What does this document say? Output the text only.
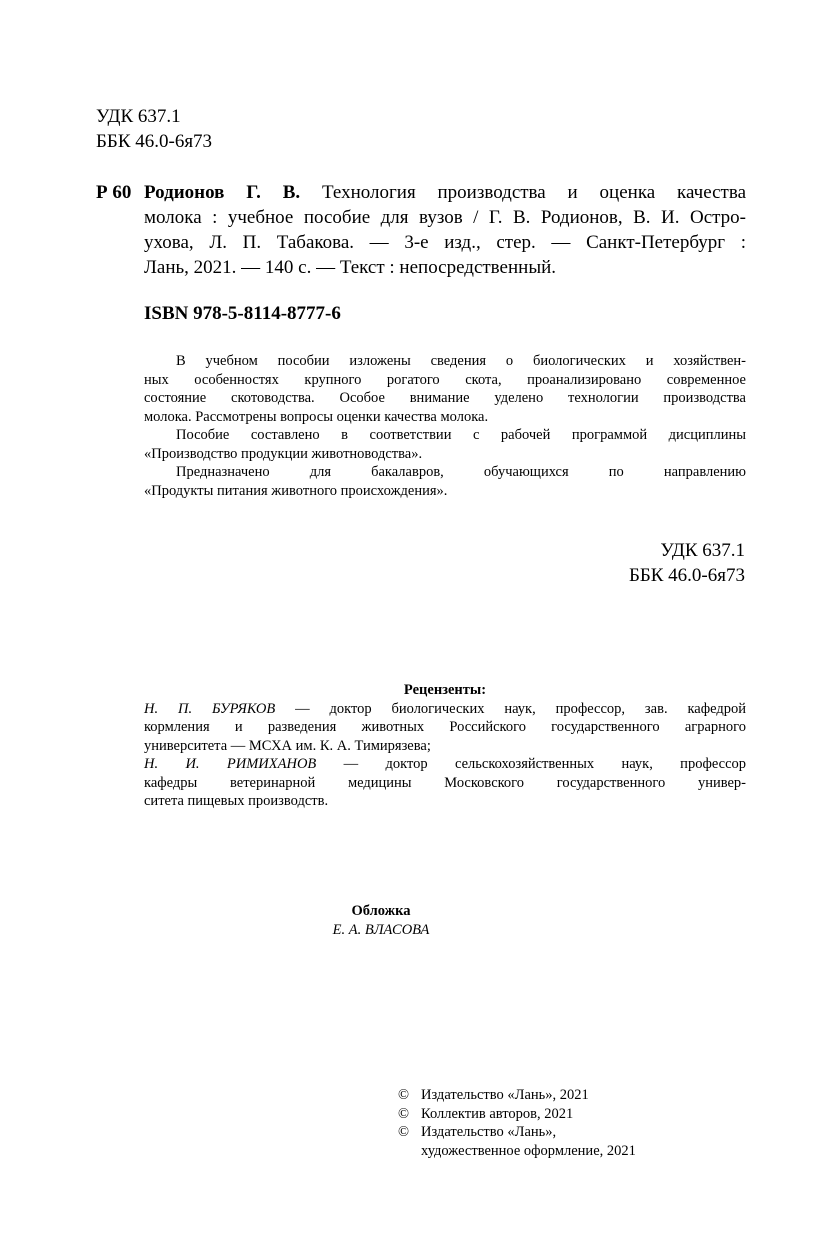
УДК 637.1
ББК 46.0-6я73
Р 60 Родионов Г. В. Технология производства и оценка качества
молока : учебное пособие для вузов / Г. В. Родионов, В. И. Остро-
ухова, Л. П. Табакова. — 3-е изд., стер. — Санкт-Петербург :
Лань, 2021. — 140 с. — Текст : непосредственный.
ISBN 978-5-8114-8777-6
В учебном пособии изложены сведения о биологических и хозяйствен-
ных особенностях крупного рогатого скота, проанализировано современное
состояние скотоводства. Особое внимание уделено технологии производства
молока. Рассмотрены вопросы оценки качества молока.
Пособие составлено в соответствии с рабочей программой дисциплины
«Производство продукции животноводства».
Предназначено для бакалавров, обучающихся по направлению
«Продукты питания животного происхождения».
УДК 637.1
ББК 46.0-6я73
Рецензенты:
Н. П. БУРЯКОВ — доктор биологических наук, профессор, зав. кафедрой
кормления и разведения животных Российского государственного аграрного
университета — МСХА им. К. А. Тимирязева;
Н. И. РИМИХАНОВ — доктор сельскохозяйственных наук, профессор
кафедры ветеринарной медицины Московского государственного универ-
ситета пищевых производств.
Обложка
Е. А. ВЛАСОВА
© Издательство «Лань», 2021
© Коллектив авторов, 2021
© Издательство «Лань»,
художественное оформление, 2021
